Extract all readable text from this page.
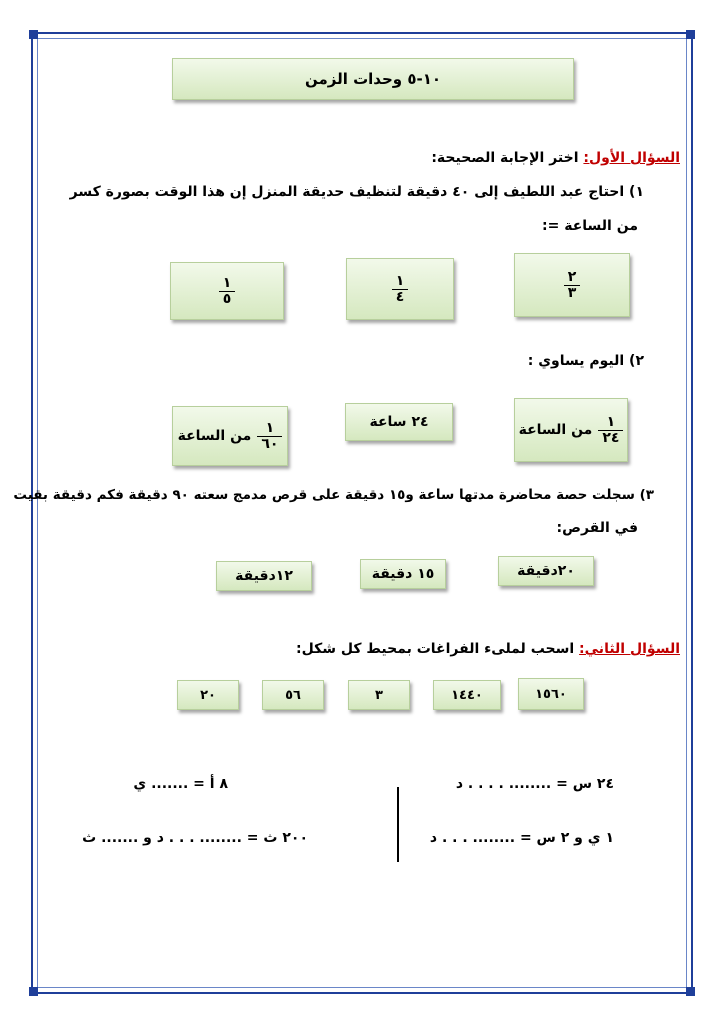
١٠-٥ وحدات الزمن
السؤال الأول: اختر الإجابة الصحيحة:
١) احتاج عبد اللطيف إلى ٤٠ دقيقة لتنظيف حديقة المنزل إن هذا الوقت بصورة كسر
من الساعة =:
$\frac{٢}{٣}$
$\frac{١}{٤}$
$\frac{١}{٥}$
٢) اليوم يساوي :
$\frac{١}{٢٤}$
من الساعة
٢٤ ساعة
$\frac{١}{٦٠}$
من الساعة
٣) سجلت حصة محاضرة مدتها ساعة و١٥ دقيقة على قرص مدمج سعته ٩٠ دقيقة فكم دقيقة بقيت
في القرص:
٢٠دقيقة
١٥ دقيقة
١٢دقيقة
السؤال الثاني: اسحب لملىء الفراغات بمحيط كل شكل:
١٥٦٠
١٤٤٠
٣
٥٦
٢٠
٢٤ س = ........ . . . . د
١ ي و ٢ س = ........ . . . د
٨ أ = ....... ي
٢٠٠ ث = ........ . . . د و ....... ث
